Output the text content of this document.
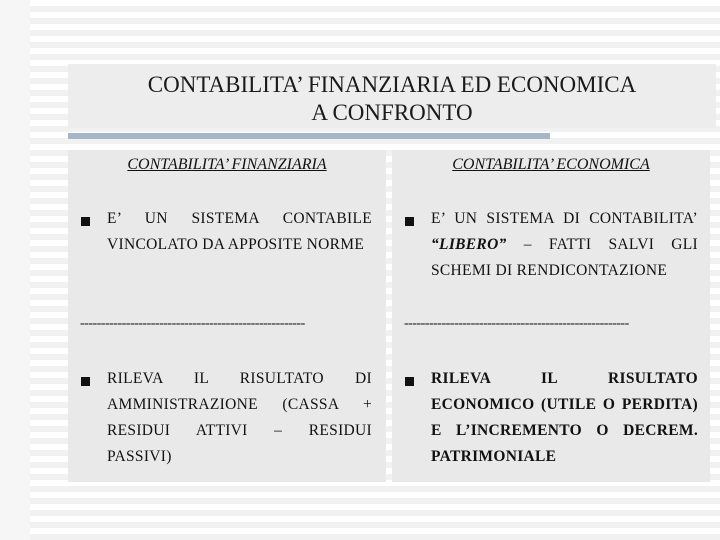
CONTABILITA’ FINANZIARIA ED ECONOMICA
A CONFRONTO
CONTABILITA’ FINANZIARIA
E’ UN SISTEMA CONTABILE VINCOLATO DA APPOSITE NORME
------------------------------------------------------
RILEVA IL RISULTATO DI AMMINISTRAZIONE (CASSA + RESIDUI ATTIVI – RESIDUI PASSIVI)
CONTABILITA’ ECONOMICA
E’ UN SISTEMA DI CONTABILITA’ “LIBERO” – FATTI SALVI GLI SCHEMI DI RENDICONTAZIONE
------------------------------------------------------
RILEVA IL RISULTATO ECONOMICO (UTILE O PERDITA) E L’INCREMENTO O DECREM. PATRIMONIALE
